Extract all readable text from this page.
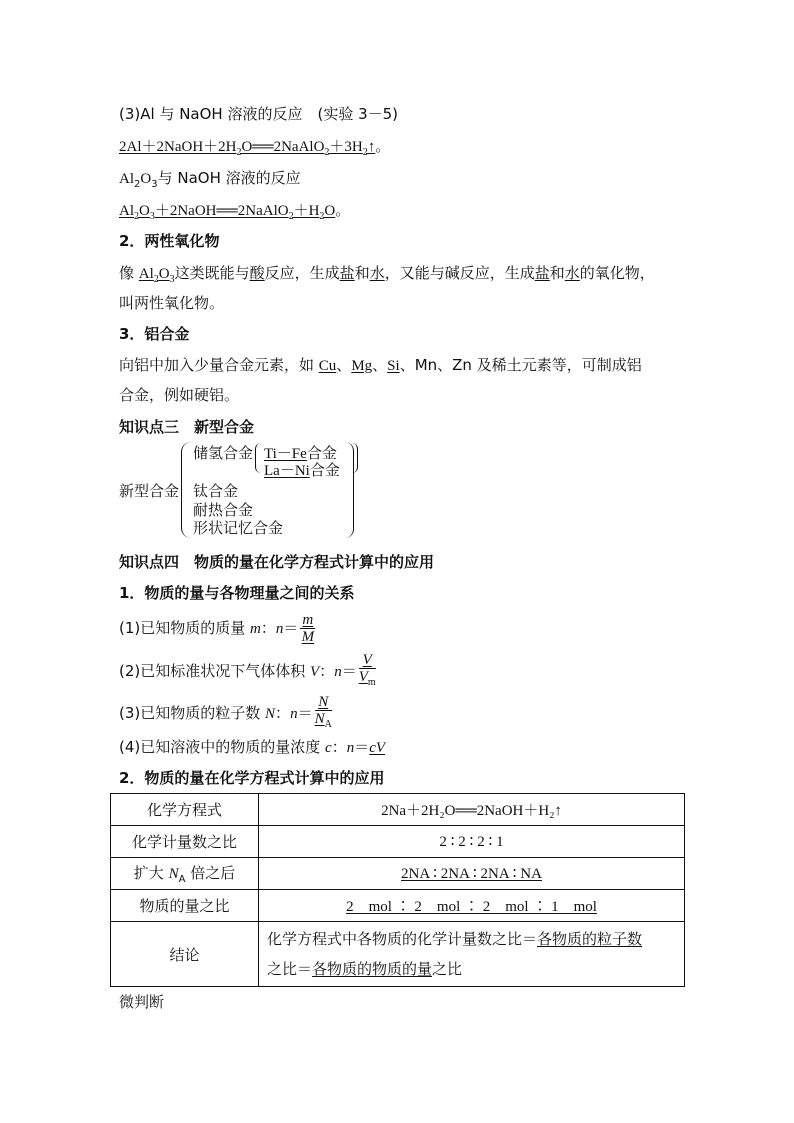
(3)Al 与 NaOH 溶液的反应　(实验 3－5)
$2Al+2NaOH+2H_2O══2NaAlO_2+3H_2↑$。
$Al_2O_3$与 NaOH 溶液的反应
$Al_2O_3+2NaOH══2NaAlO_2+H_2O$。
2．两性氧化物
像 $Al_2O_3$这类既能与酸反应，生成盐和水，又能与碱反应，生成盐和水的氧化物，
叫两性氧化物。
3．铝合金
向铝中加入少量合金元素，如 Cu、Mg、Si、Mn、Zn 及稀土元素等，可制成铝
合金，例如硬铝。
知识点三　新型合金
新型合金
储氢合金 Ti－Fe合金
La－Ni合金
钛合金
耐热合金
形状记忆合金
知识点四　物质的量在化学方程式计算中的应用
1．物质的量与各物理量之间的关系
(1)已知物质的质量 m：$n= \frac{m}{M}$
(2)已知标准状况下气体体积 V：$n= \frac{V}{V_m}$
(3)已知物质的粒子数 N：$n= \frac{N}{N_A}$
(4)已知溶液中的物质的量浓度 c：n＝cV
2．物质的量在化学方程式计算中的应用
化学方程式	2Na＋2H₂O══2NaOH＋H₂↑
化学计量数之比	2 ∶ 2 ∶ 2 ∶ 1
扩大 $N_A$ 倍之后	2NA ∶ 2NA ∶ 2NA ∶ NA
物质的量之比	2　mol ∶ 2　mol ∶ 2　mol ∶ 1　mol
结论	化学方程式中各物质的化学计量数之比＝各物质的粒子数
之比＝各物质的物质的量之比
微判断
